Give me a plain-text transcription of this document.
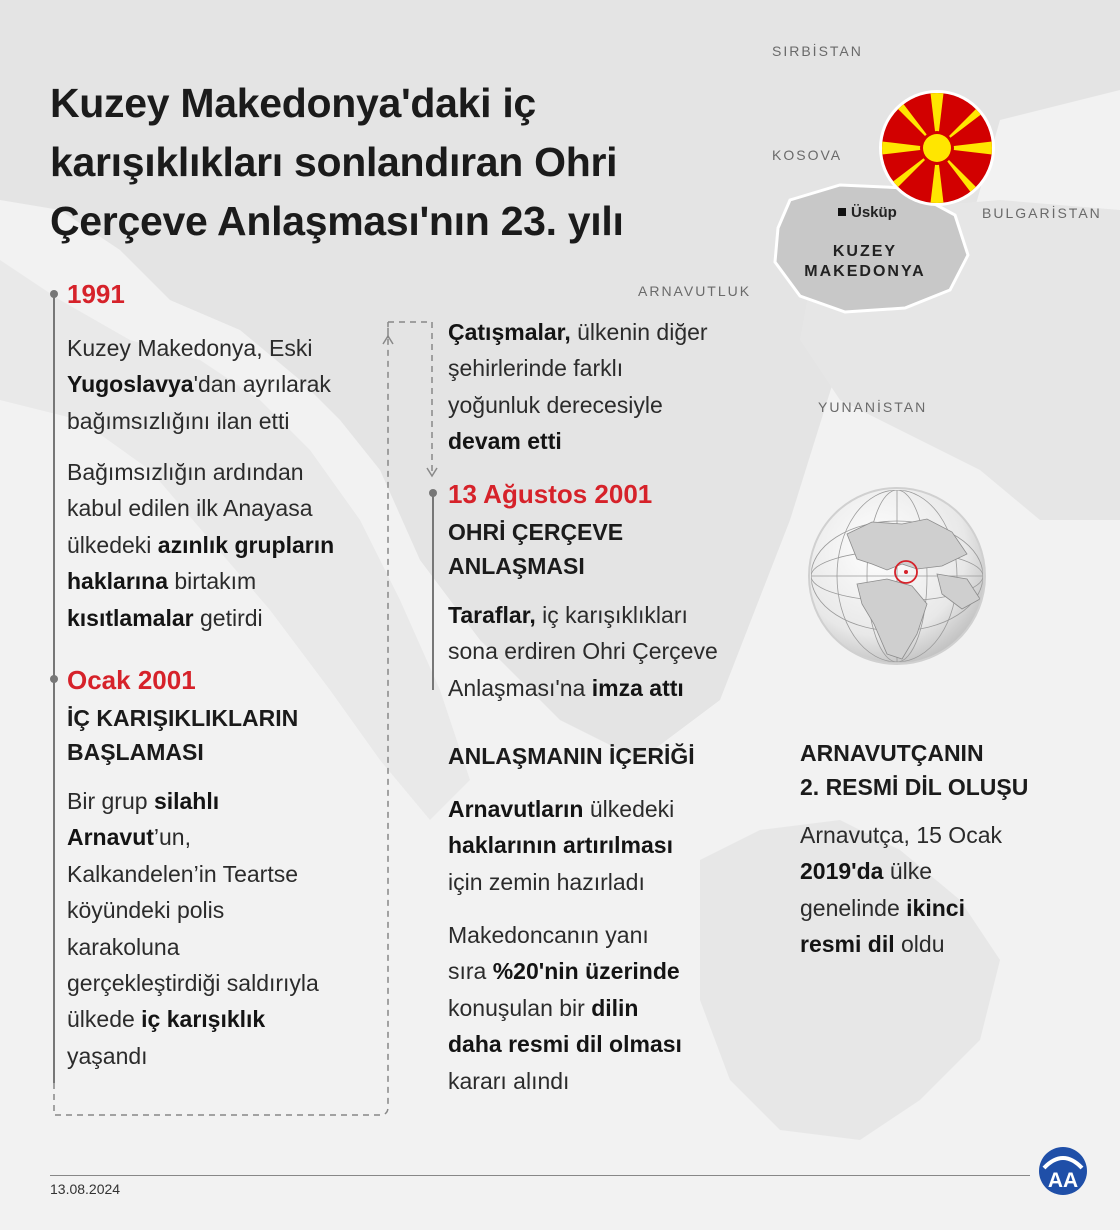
Kuzey Makedonya'daki iç karışıklıkları sonlandıran Ohri Çerçeve Anlaşması'nın 23. yılı
SIRBİSTAN
KOSOVA
BULGARİSTAN
ARNAVUTLUK
YUNANİSTAN
KUZEY
MAKEDONYA
Üsküp
1991
Kuzey Makedonya, Eski
Yugoslavya'dan ayrılarak
bağımsızlığını ilan etti
Bağımsızlığın ardından
kabul edilen ilk Anayasa
ülkedeki azınlık grupların
haklarına birtakım
kısıtlamalar getirdi
Ocak 2001
İÇ KARIŞIKLIKLARIN
BAŞLAMASI
Bir grup silahlı
Arnavut’un,
Kalkandelen’in Teartse
köyündeki polis
karakoluna
gerçekleştirdiği saldırıyla
ülkede iç karışıklık
yaşandı
Çatışmalar, ülkenin diğer
şehirlerinde farklı
yoğunluk derecesiyle
devam etti
13 Ağustos 2001
OHRİ ÇERÇEVE
ANLAŞMASI
Taraflar, iç karışıklıkları
sona erdiren Ohri Çerçeve
Anlaşması'na imza attı
ANLAŞMANIN İÇERİĞİ
Arnavutların ülkedeki
haklarının artırılması
için zemin hazırladı
Makedoncanın yanı
sıra %20'nin üzerinde
konuşulan bir dilin
daha resmi dil olması
kararı alındı
ARNAVUTÇANIN
2. RESMİ DİL OLUŞU
Arnavutça, 15 Ocak
2019'da ülke
genelinde ikinci
resmi dil oldu
13.08.2024	AA
